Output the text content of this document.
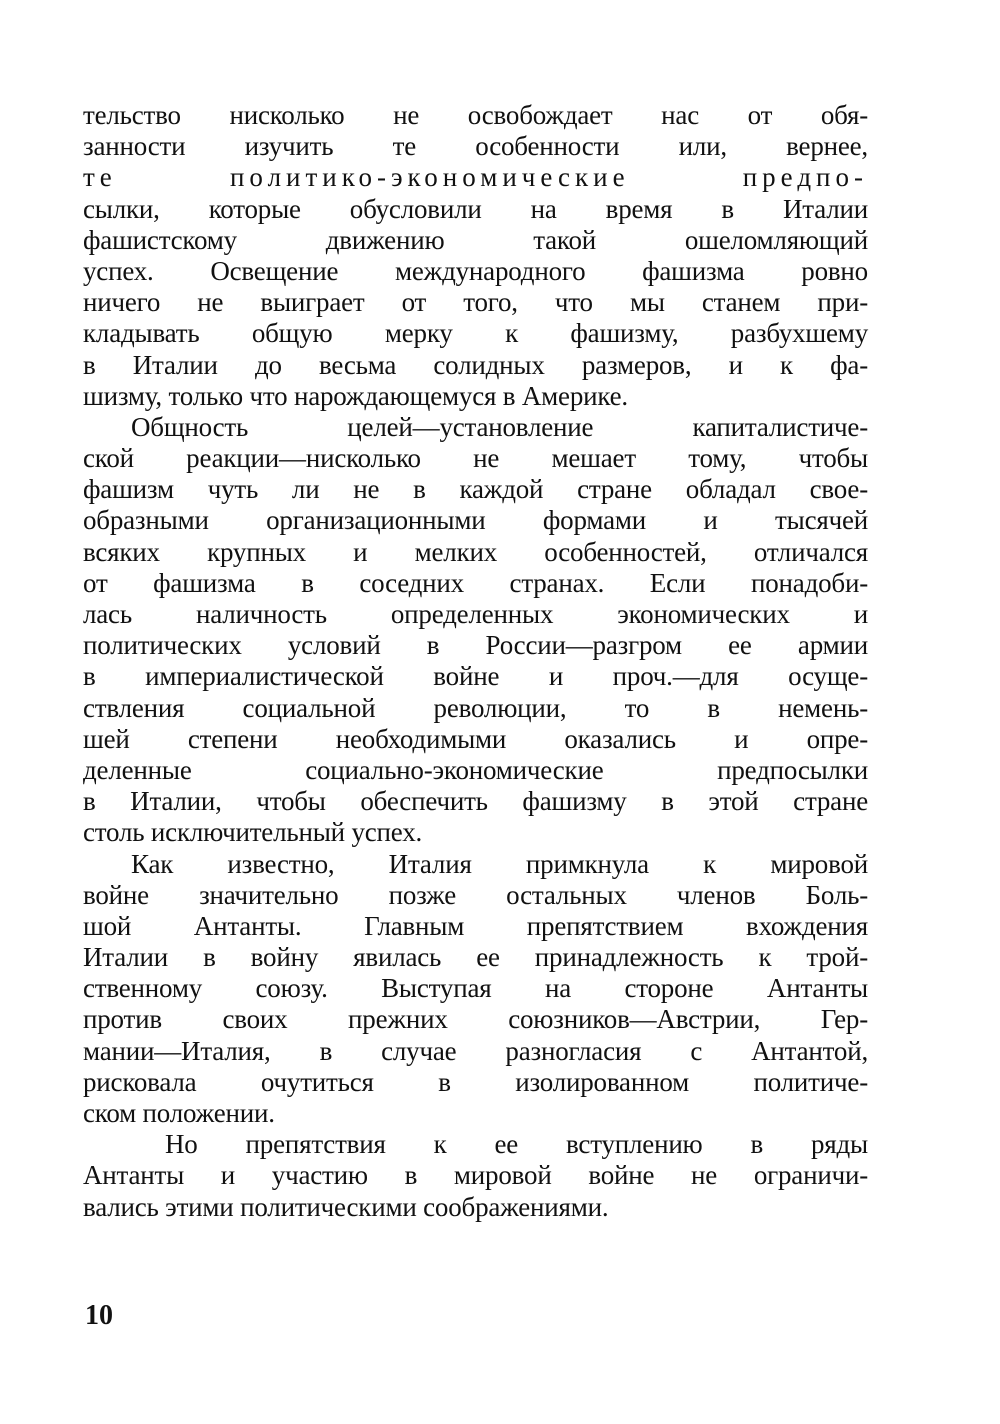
тельство нисколько не освобождает нас от обя-
занности изучить те особенности или, вернее,
те политико-экономические предпо-
сылки, которые обусловили на время в Италии
фашистскому движению такой ошеломляющий
успех. Освещение международного фашизма ровно
ничего не выиграет от того, что мы станем при-
кладывать общую мерку к фашизму, разбухшему
в Италии до весьма солидных размеров, и к фа-
шизму, только что нарождающемуся в Америке.
Общность целей—установление капиталистиче-
ской реакции—нисколько не мешает тому, чтобы
фашизм чуть ли не в каждой стране обладал свое-
образными организационными формами и тысячей
всяких крупных и мелких особенностей, отличался
от фашизма в соседних странах. Если понадоби-
лась наличность определенных экономических и
политических условий в России—разгром ее армии
в империалистической войне и проч.—для осуще-
ствления социальной революции, то в немень-
шей степени необходимыми оказались и опре-
деленные социально-экономические предпосылки
в Италии, чтобы обеспечить фашизму в этой стране
столь исключительный успех.
Как известно, Италия примкнула к мировой
войне значительно позже остальных членов Боль-
шой Антанты. Главным препятствием вхождения
Италии в войну явилась ее принадлежность к трой-
ственному союзу. Выступая на стороне Антанты
против своих прежних союзников—Австрии, Гер-
мании—Италия, в случае разногласия с Антантой,
рисковала очутиться в изолированном политиче-
ском положении.
Но препятствия к ее вступлению в ряды
Антанты и участию в мировой войне не ограничи-
вались этими политическими соображениями.
10
